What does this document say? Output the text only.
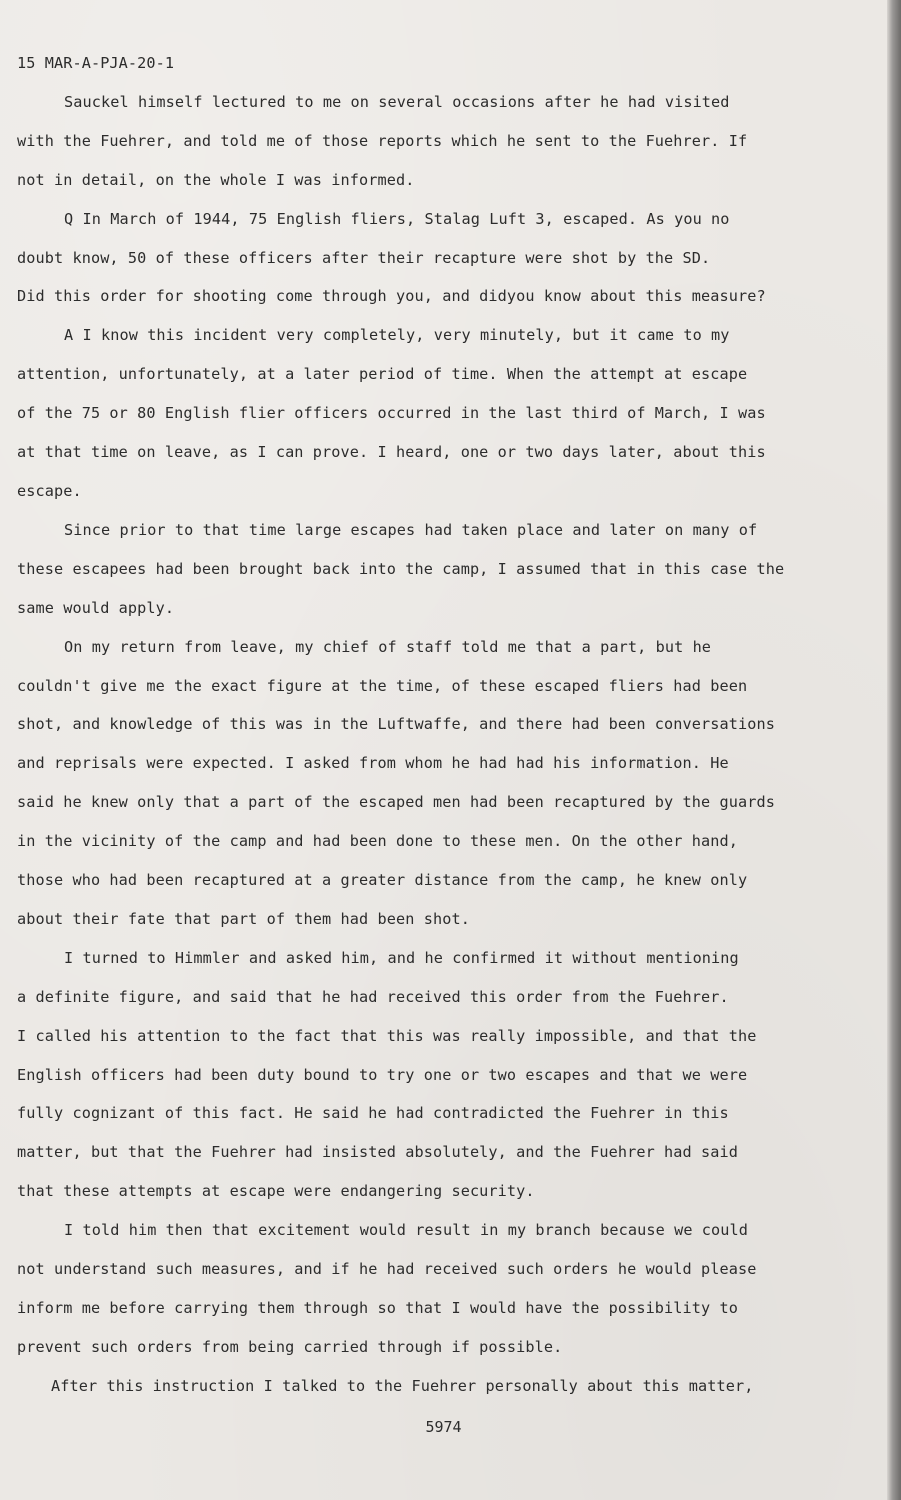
15 MAR-A-PJA-20-1

Sauckel himself lectured to me on several occasions after he had visited

with the Fuehrer, and told me of those reports which he sent to the Fuehrer. If

not in detail, on the whole I was informed.

Q In March of 1944, 75 English fliers, Stalag Luft 3, escaped. As you no

doubt know, 50 of these officers after their recapture were shot by the SD.

Did this order for shooting come through you, and didyou know about this measure?

A I know this incident very completely, very minutely, but it came to my

attention, unfortunately, at a later period of time. When the attempt at escape

of the 75 or 80 English flier officers occurred in the last third of March, I was

at that time on leave, as I can prove. I heard, one or two days later, about this

escape.

Since prior to that time large escapes had taken place and later on many of

these escapees had been brought back into the camp, I assumed that in this case the

same would apply.

On my return from leave, my chief of staff told me that a part, but he

couldn't give me the exact figure at the time, of these escaped fliers had been

shot, and knowledge of this was in the Luftwaffe, and there had been conversations

and reprisals were expected. I asked from whom he had had his information. He

said he knew only that a part of the escaped men had been recaptured by the guards

in the vicinity of the camp and had been done to these men. On the other hand,

those who had been recaptured at a greater distance from the camp, he knew only

about their fate that part of them had been shot.

I turned to Himmler and asked him, and he confirmed it without mentioning

a definite figure, and said that he had received this order from the Fuehrer.

I called his attention to the fact that this was really impossible, and that the

English officers had been duty bound to try one or two escapes and that we were

fully cognizant of this fact. He said he had contradicted the Fuehrer in this

matter, but that the Fuehrer had insisted absolutely, and the Fuehrer had said

that these attempts at escape were endangering security.

I told him then that excitement would result in my branch because we could

not understand such measures, and if he had received such orders he would please

inform me before carrying them through so that I would have the possibility to

prevent such orders from being carried through if possible.

After this instruction I talked to the Fuehrer personally about this matter,

5974
